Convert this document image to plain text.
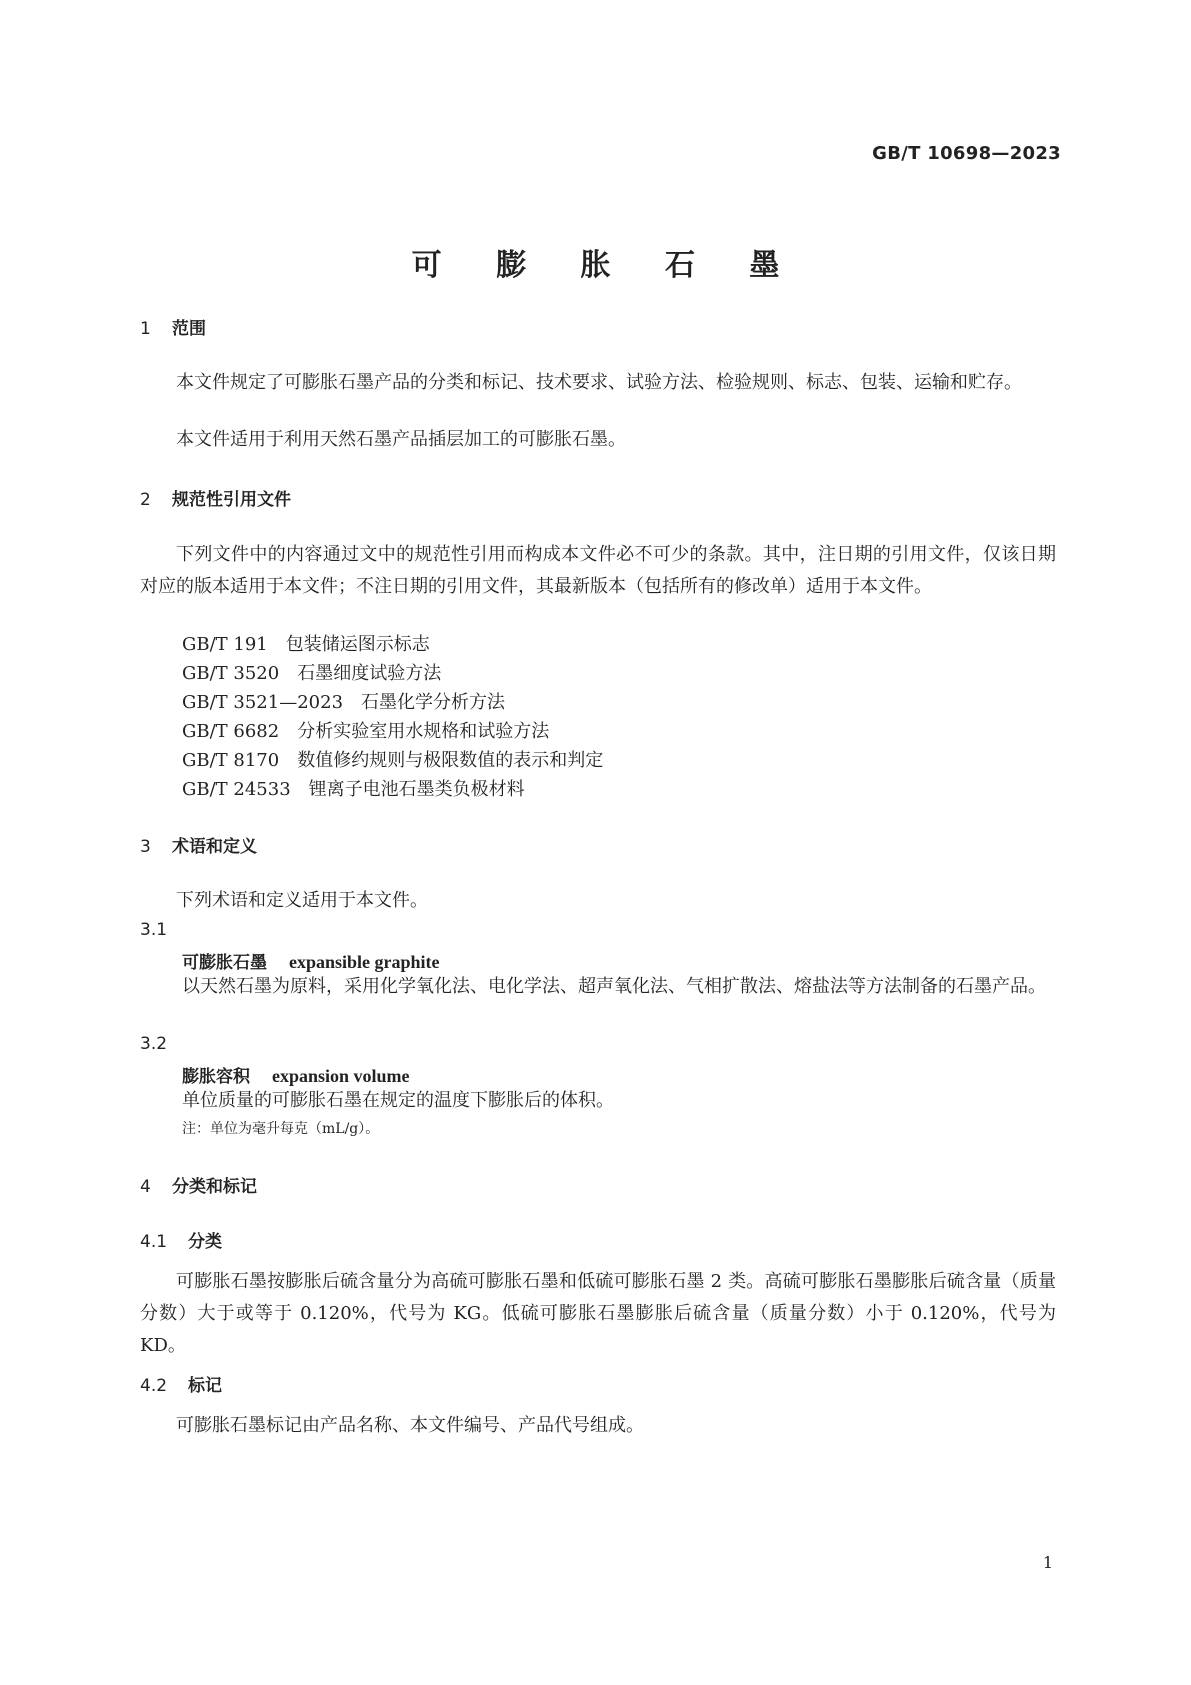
GB/T 10698—2023
可 膨 胀 石 墨
1 范围
本文件规定了可膨胀石墨产品的分类和标记、技术要求、试验方法、检验规则、标志、包装、运输和贮存。
本文件适用于利用天然石墨产品插层加工的可膨胀石墨。
2 规范性引用文件
下列文件中的内容通过文中的规范性引用而构成本文件必不可少的条款。其中，注日期的引用文件，仅该日期对应的版本适用于本文件；不注日期的引用文件，其最新版本（包括所有的修改单）适用于本文件。
GB/T 191 包装储运图示标志
GB/T 3520 石墨细度试验方法
GB/T 3521—2023 石墨化学分析方法
GB/T 6682 分析实验室用水规格和试验方法
GB/T 8170 数值修约规则与极限数值的表示和判定
GB/T 24533 锂离子电池石墨类负极材料
3 术语和定义
下列术语和定义适用于本文件。
3.1
可膨胀石墨 expansible graphite
以天然石墨为原料，采用化学氧化法、电化学法、超声氧化法、气相扩散法、熔盐法等方法制备的石墨产品。
3.2
膨胀容积 expansion volume
单位质量的可膨胀石墨在规定的温度下膨胀后的体积。
注：单位为毫升每克（mL/g）。
4 分类和标记
4.1 分类
可膨胀石墨按膨胀后硫含量分为高硫可膨胀石墨和低硫可膨胀石墨 2 类。高硫可膨胀石墨膨胀后硫含量（质量分数）大于或等于 0.120%，代号为 KG。低硫可膨胀石墨膨胀后硫含量（质量分数）小于 0.120%，代号为 KD。
4.2 标记
可膨胀石墨标记由产品名称、本文件编号、产品代号组成。
1
